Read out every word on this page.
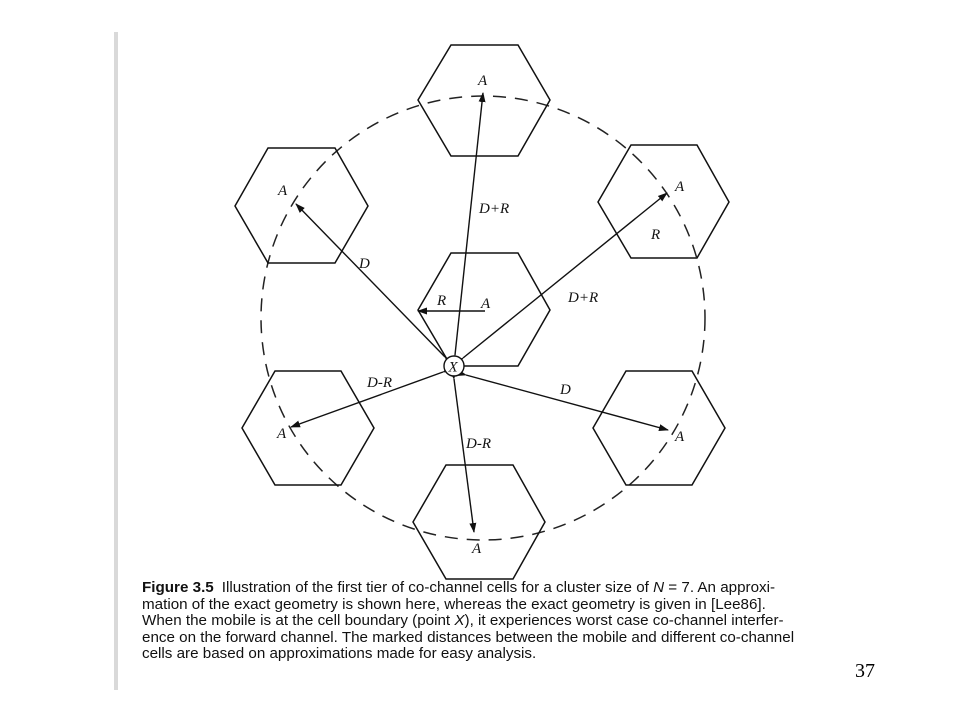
X
A
A	A
A
A	A
A
D+R
D
D+R
D-R	D
D-R
R
R
Figure 3.5 Illustration of the first tier of co-channel cells for a cluster size of N = 7. An approxi-
mation of the exact geometry is shown here, whereas the exact geometry is given in [Lee86].
When the mobile is at the cell boundary (point X), it experiences worst case co-channel interfer-
ence on the forward channel. The marked distances between the mobile and different co-channel
cells are based on approximations made for easy analysis.
37
